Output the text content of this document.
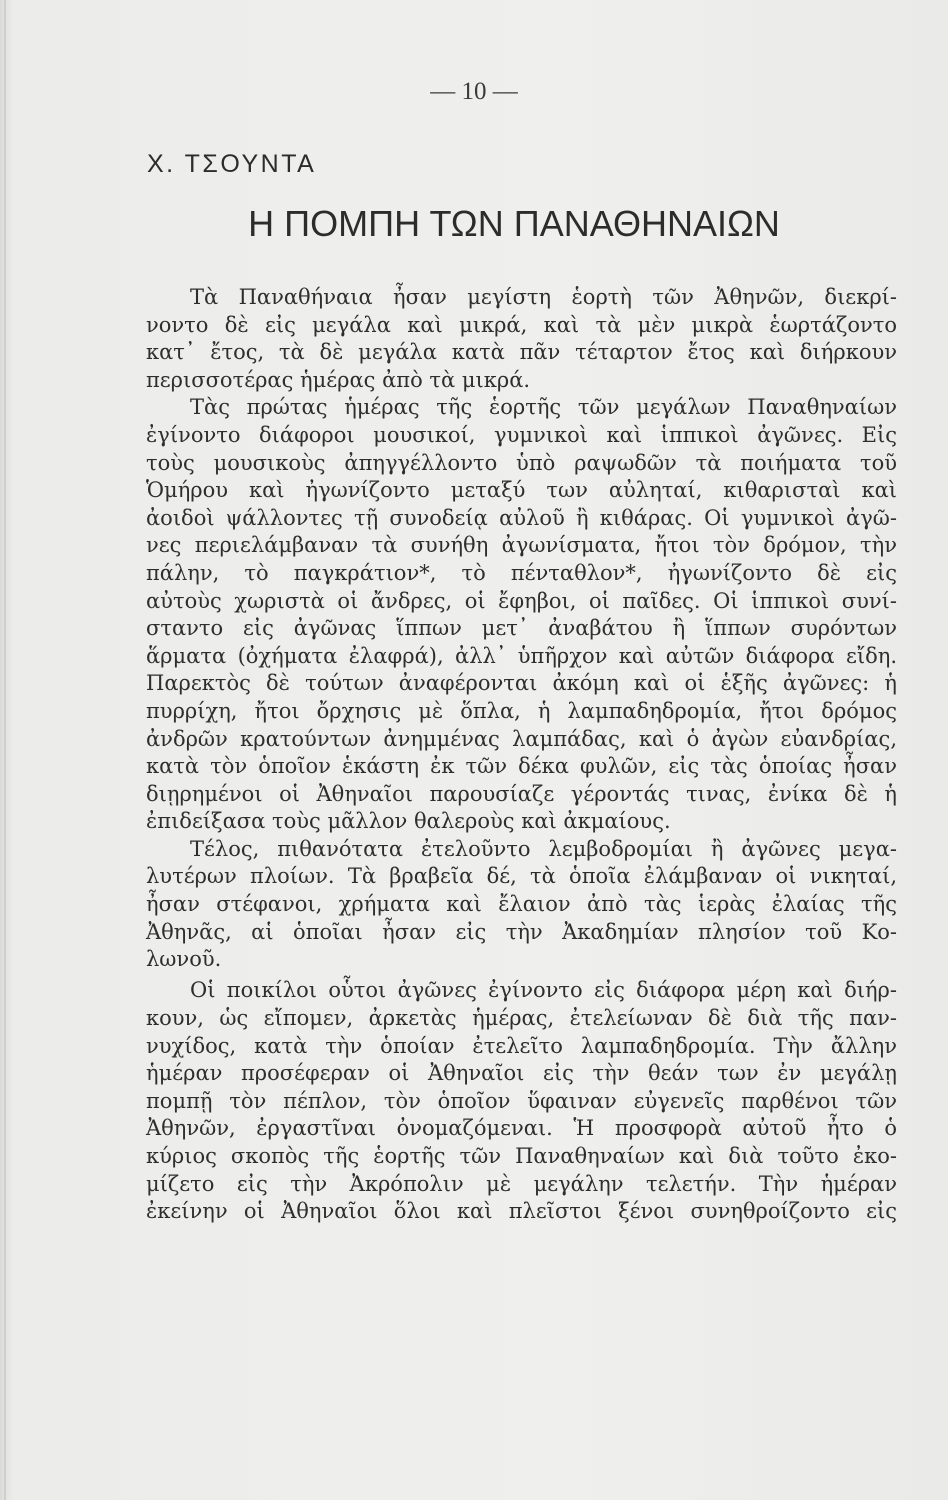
— 10 —
Χ. ΤΣΟΥΝΤΑ
Η ΠΟΜΠΗ ΤΩΝ ΠΑΝΑΘΗΝΑΙΩΝ
Τὰ Παναθήναια ἦσαν μεγίστη ἑορτὴ τῶν Ἀθηνῶν, διεκρί-
νοντο δὲ εἰς μεγάλα καὶ μικρά, καὶ τὰ μὲν μικρὰ ἑωρτάζοντο
κατ᾽ ἔτος, τὰ δὲ μεγάλα κατὰ πᾶν τέταρτον ἔτος καὶ διήρκουν
περισσοτέρας ἡμέρας ἀπὸ τὰ μικρά.
Τὰς πρώτας ἡμέρας τῆς ἑορτῆς τῶν μεγάλων Παναθηναίων
ἐγίνοντο διάφοροι μουσικοί, γυμνικοὶ καὶ ἱππικοὶ ἀγῶνες. Εἰς
τοὺς μουσικοὺς ἀπηγγέλλοντο ὑπὸ ραψωδῶν τὰ ποιήματα τοῦ
Ὁμήρου καὶ ἠγωνίζοντο μεταξύ των αὐληταί, κιθαρισταὶ καὶ
ἀοιδοὶ ψάλλοντες τῇ συνοδείᾳ αὐλοῦ ἢ κιθάρας. Οἱ γυμνικοὶ ἀγῶ-
νες περιελάμβαναν τὰ συνήθη ἀγωνίσματα, ἤτοι τὸν δρόμον, τὴν
πάλην, τὸ παγκράτιον*, τὸ πένταθλον*, ἠγωνίζοντο δὲ εἰς
αὐτοὺς χωριστὰ οἱ ἄνδρες, οἱ ἔφηβοι, οἱ παῖδες. Οἱ ἱππικοὶ συνί-
σταντο εἰς ἀγῶνας ἵππων μετ᾽ ἀναβάτου ἢ ἵππων συρόντων
ἅρματα (ὀχήματα ἐλαφρά), ἀλλ᾽ ὑπῆρχον καὶ αὐτῶν διάφορα εἴδη.
Παρεκτὸς δὲ τούτων ἀναφέρονται ἀκόμη καὶ οἱ ἑξῆς ἀγῶνες: ἡ
πυρρίχη, ἤτοι ὄρχησις μὲ ὅπλα, ἡ λαμπαδηδρομία, ἤτοι δρόμος
ἀνδρῶν κρατούντων ἀνημμένας λαμπάδας, καὶ ὁ ἀγὼν εὐανδρίας,
κατὰ τὸν ὁποῖον ἑκάστη ἐκ τῶν δέκα φυλῶν, εἰς τὰς ὁποίας ἦσαν
διῃρημένοι οἱ Ἀθηναῖοι παρουσίαζε γέροντάς τινας, ἐνίκα δὲ ἡ
ἐπιδείξασα τοὺς μᾶλλον θαλεροὺς καὶ ἀκμαίους.
Τέλος, πιθανότατα ἐτελοῦντο λεμβοδρομίαι ἢ ἀγῶνες μεγα-
λυτέρων πλοίων. Τὰ βραβεῖα δέ, τὰ ὁποῖα ἐλάμβαναν οἱ νικηταί,
ἦσαν στέφανοι, χρήματα καὶ ἔλαιον ἀπὸ τὰς ἱερὰς ἐλαίας τῆς
Ἀθηνᾶς, αἱ ὁποῖαι ἦσαν εἰς τὴν Ἀκαδημίαν πλησίον τοῦ Κο-
λωνοῦ.
Οἱ ποικίλοι οὗτοι ἀγῶνες ἐγίνοντο εἰς διάφορα μέρη καὶ διήρ-
κουν, ὡς εἴπομεν, ἀρκετὰς ἡμέρας, ἐτελείωναν δὲ διὰ τῆς παν-
νυχίδος, κατὰ τὴν ὁποίαν ἐτελεῖτο λαμπαδηδρομία. Τὴν ἄλλην
ἡμέραν προσέφεραν οἱ Ἀθηναῖοι εἰς τὴν θεάν των ἐν μεγάλῃ
πομπῇ τὸν πέπλον, τὸν ὁποῖον ὕφαιναν εὐγενεῖς παρθένοι τῶν
Ἀθηνῶν, ἐργαστῖναι ὀνομαζόμεναι. Ἡ προσφορὰ αὐτοῦ ἦτο ὁ
κύριος σκοπὸς τῆς ἑορτῆς τῶν Παναθηναίων καὶ διὰ τοῦτο ἐκο-
μίζετο εἰς τὴν Ἀκρόπολιν μὲ μεγάλην τελετήν. Τὴν ἡμέραν
ἐκείνην οἱ Ἀθηναῖοι ὅλοι καὶ πλεῖστοι ξένοι συνηθροίζοντο εἰς
